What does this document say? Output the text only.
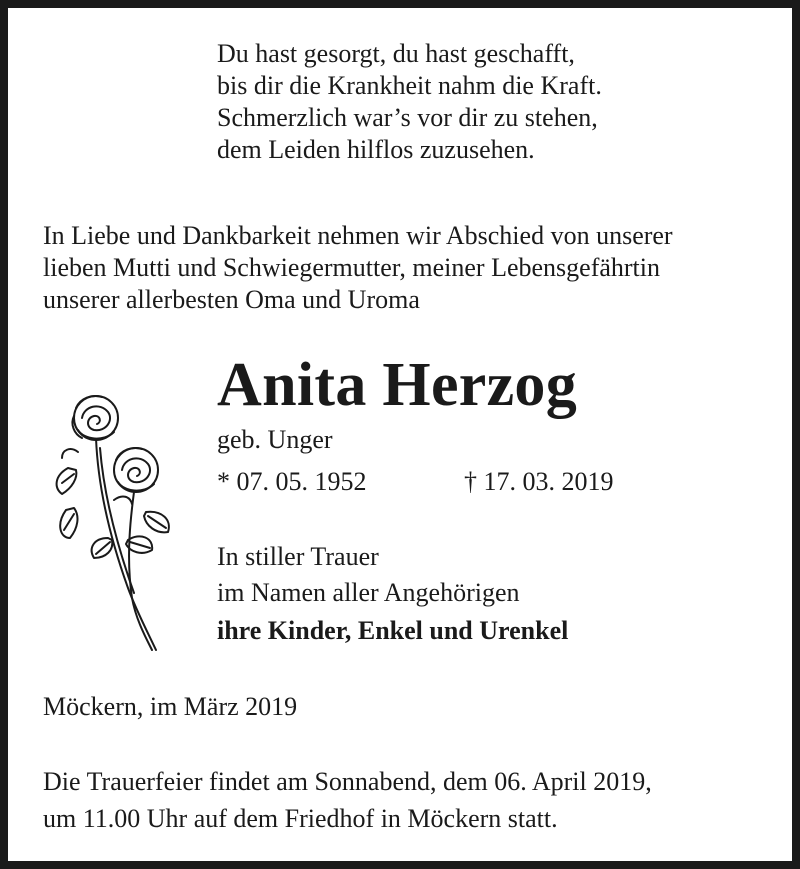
Du hast gesorgt, du hast geschafft,
bis dir die Krankheit nahm die Kraft.
Schmerzlich war’s vor dir zu stehen,
dem Leiden hilflos zuzusehen.
In Liebe und Dankbarkeit nehmen wir Abschied von unserer
lieben Mutti und Schwiegermutter, meiner Lebensgefährtin
unserer allerbesten Oma und Uroma
Anita Herzog
geb. Unger
* 07. 05. 1952	† 17. 03. 2019
In stiller Trauer
im Namen aller Angehörigen
ihre Kinder, Enkel und Urenkel
Möckern, im März 2019
Die Trauerfeier findet am Sonnabend, dem 06. April 2019,
um 11.00 Uhr auf dem Friedhof in Möckern statt.
